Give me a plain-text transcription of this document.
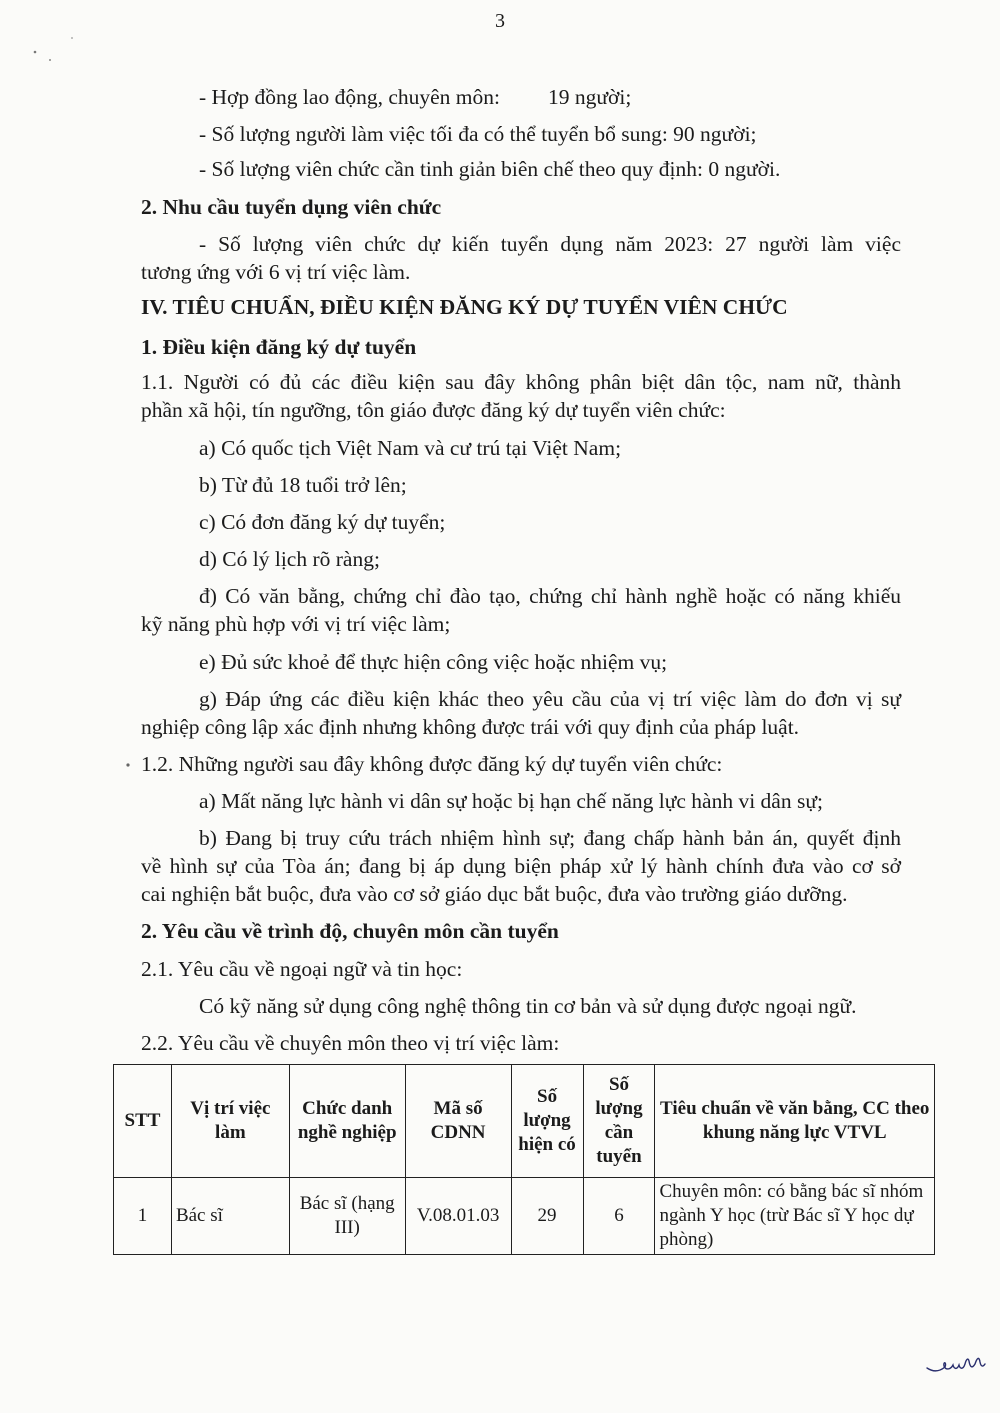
3
- Hợp đồng lao động, chuyên môn: 19 người;
- Số lượng người làm việc tối đa có thể tuyển bổ sung: 90 người;
- Số lượng viên chức cần tinh giản biên chế theo quy định: 0 người.
2. Nhu cầu tuyển dụng viên chức
- Số lượng viên chức dự kiến tuyển dụng năm 2023: 27 người làm việc
tương ứng với 6 vị trí việc làm.
IV. TIÊU CHUẨN, ĐIỀU KIỆN ĐĂNG KÝ DỰ TUYỂN VIÊN CHỨC
1. Điều kiện đăng ký dự tuyển
1.1. Người có đủ các điều kiện sau đây không phân biệt dân tộc, nam nữ, thành
phần xã hội, tín ngưỡng, tôn giáo được đăng ký dự tuyển viên chức:
a) Có quốc tịch Việt Nam và cư trú tại Việt Nam;
b) Từ đủ 18 tuổi trở lên;
c) Có đơn đăng ký dự tuyển;
d) Có lý lịch rõ ràng;
đ) Có văn bằng, chứng chỉ đào tạo, chứng chỉ hành nghề hoặc có năng khiếu
kỹ năng phù hợp với vị trí việc làm;
e) Đủ sức khoẻ để thực hiện công việc hoặc nhiệm vụ;
g) Đáp ứng các điều kiện khác theo yêu cầu của vị trí việc làm do đơn vị sự
nghiệp công lập xác định nhưng không được trái với quy định của pháp luật.
1.2. Những người sau đây không được đăng ký dự tuyển viên chức:
a) Mất năng lực hành vi dân sự hoặc bị hạn chế năng lực hành vi dân sự;
b) Đang bị truy cứu trách nhiệm hình sự; đang chấp hành bản án, quyết định
về hình sự của Tòa án; đang bị áp dụng biện pháp xử lý hành chính đưa vào cơ sở
cai nghiện bắt buộc, đưa vào cơ sở giáo dục bắt buộc, đưa vào trường giáo dưỡng.
2. Yêu cầu về trình độ, chuyên môn cần tuyển
2.1. Yêu cầu về ngoại ngữ và tin học:
Có kỹ năng sử dụng công nghệ thông tin cơ bản và sử dụng được ngoại ngữ.
2.2. Yêu cầu về chuyên môn theo vị trí việc làm:
STT	Vị trí việc làm	Chức danh nghề nghiệp	Mã số CDNN	Số lượng hiện có	Số lượng cần tuyển	Tiêu chuẩn về văn bằng, CC theo khung năng lực VTVL
1	Bác sĩ	Bác sĩ (hạng III)	V.08.01.03	29	6	Chuyên môn: có bằng bác sĩ nhóm ngành Y học (trừ Bác sĩ Y học dự phòng)
